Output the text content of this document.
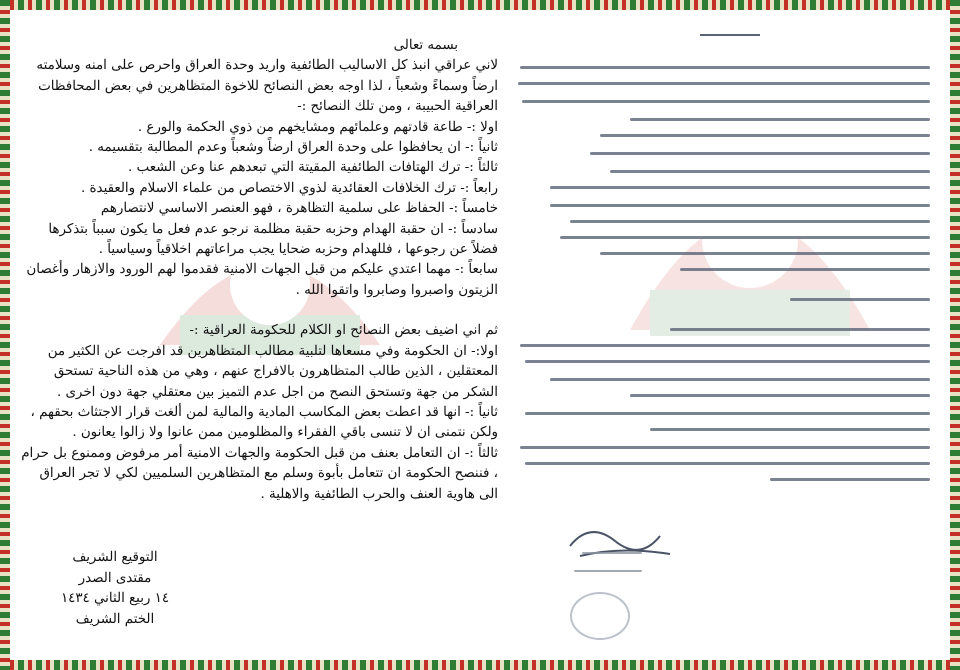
بسمه تعالى

لاني عراقي انبذ كل الاساليب الطائفية واريد وحدة العراق واحرص على امنه وسلامته ارضاً وسماءً وشعباً ، لذا اوجه بعض النصائح للاخوة المتظاهرين في بعض المحافظات العراقية الحبيبة ، ومن تلك النصائح :-

اولا :- طاعة قادتهم وعلمائهم ومشايخهم من ذوي الحكمة والورع .

ثانياً :- ان يحافظوا على وحدة العراق ارضاً وشعباً وعدم المطالبة بتقسيمه .

ثالثاً :- ترك الهتافات الطائفية المقيتة التي تبعدهم عنا وعن الشعب .

رابعاً :- ترك الخلافات العقائدية لذوي الاختصاص من علماء الاسلام والعقيدة .

خامساً :- الحفاظ على سلمية التظاهرة ، فهو العنصر الاساسي لانتصارهم

سادساً :- ان حقبة الهدام وحزبه حقبة مظلمة نرجو عدم فعل ما يكون سبباً بتذكرها فضلاً عن رجوعها ، فللهدام وحزبه ضحايا يجب مراعاتهم اخلاقياً وسياسياً .

سابعاً :- مهما اعتدي عليكم من قبل الجهات الامنية فقدموا لهم الورود والازهار وأغصان الزيتون واصبروا وصابروا واتقوا الله .

ثم اني اضيف بعض النصائح او الكلام للحكومة العراقية :-

اولا:- ان الحكومة وفي مسعاها لتلبية مطالب المتظاهرين قد افرجت عن الكثير من المعتقلين ، الذين طالب المتظاهرون بالافراج عنهم ، وهي من هذه الناحية تستحق الشكر من جهة وتستحق النصح من اجل عدم التميز بين معتقلي جهة دون اخرى .

ثانياً :- انها قد اعطت بعض المكاسب المادية والمالية لمن ألغت قرار الاجتثاث بحقهم ، ولكن نتمنى ان لا تنسى باقي الفقراء والمظلومين ممن عانوا ولا زالوا يعانون .

ثالثاً :- ان التعامل بعنف من قبل الحكومة والجهات الامنية أمر مرفوض وممنوع بل حرام ، فننصح الحكومة ان تتعامل بأبوة وسلم مع المتظاهرين السلميين لكي لا تجر العراق الى هاوية العنف والحرب الطائفية والاهلية .

التوقيع الشريف
مقتدى الصدر
١٤ ربيع الثاني ١٤٣٤
الختم الشريف
